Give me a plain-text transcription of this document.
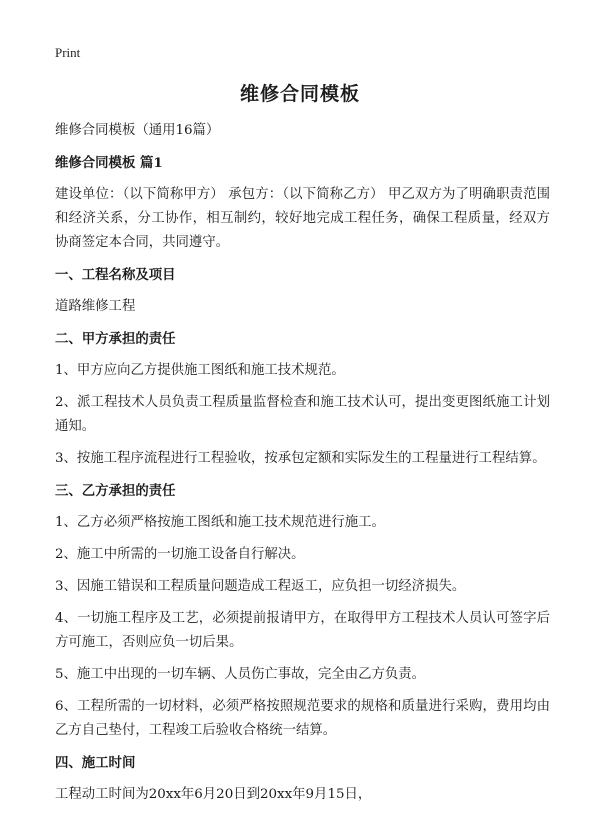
Print
维修合同模板

维修合同模板（通用16篇）

维修合同模板 篇1

建设单位：（以下简称甲方） 承包方：（以下简称乙方） 甲乙双方为了明确职责范围和经济关系，分工协作，相互制约，较好地完成工程任务，确保工程质量，经双方协商签定本合同，共同遵守。

一、工程名称及项目

道路维修工程

二、甲方承担的责任

1、甲方应向乙方提供施工图纸和施工技术规范。

2、派工程技术人员负责工程质量监督检查和施工技术认可，提出变更图纸施工计划通知。

3、按施工程序流程进行工程验收，按承包定额和实际发生的工程量进行工程结算。

三、乙方承担的责任

1、乙方必须严格按施工图纸和施工技术规范进行施工。

2、施工中所需的一切施工设备自行解决。

3、因施工错误和工程质量问题造成工程返工，应负担一切经济损失。

4、一切施工程序及工艺，必须提前报请甲方，在取得甲方工程技术人员认可签字后方可施工，否则应负一切后果。

5、施工中出现的一切车辆、人员伤亡事故，完全由乙方负责。

6、工程所需的一切材料，必须严格按照规范要求的规格和质量进行采购，费用均由乙方自己垫付，工程竣工后验收合格统一结算。

四、施工时间

工程动工时间为20xx年6月20日到20xx年9月15日，
